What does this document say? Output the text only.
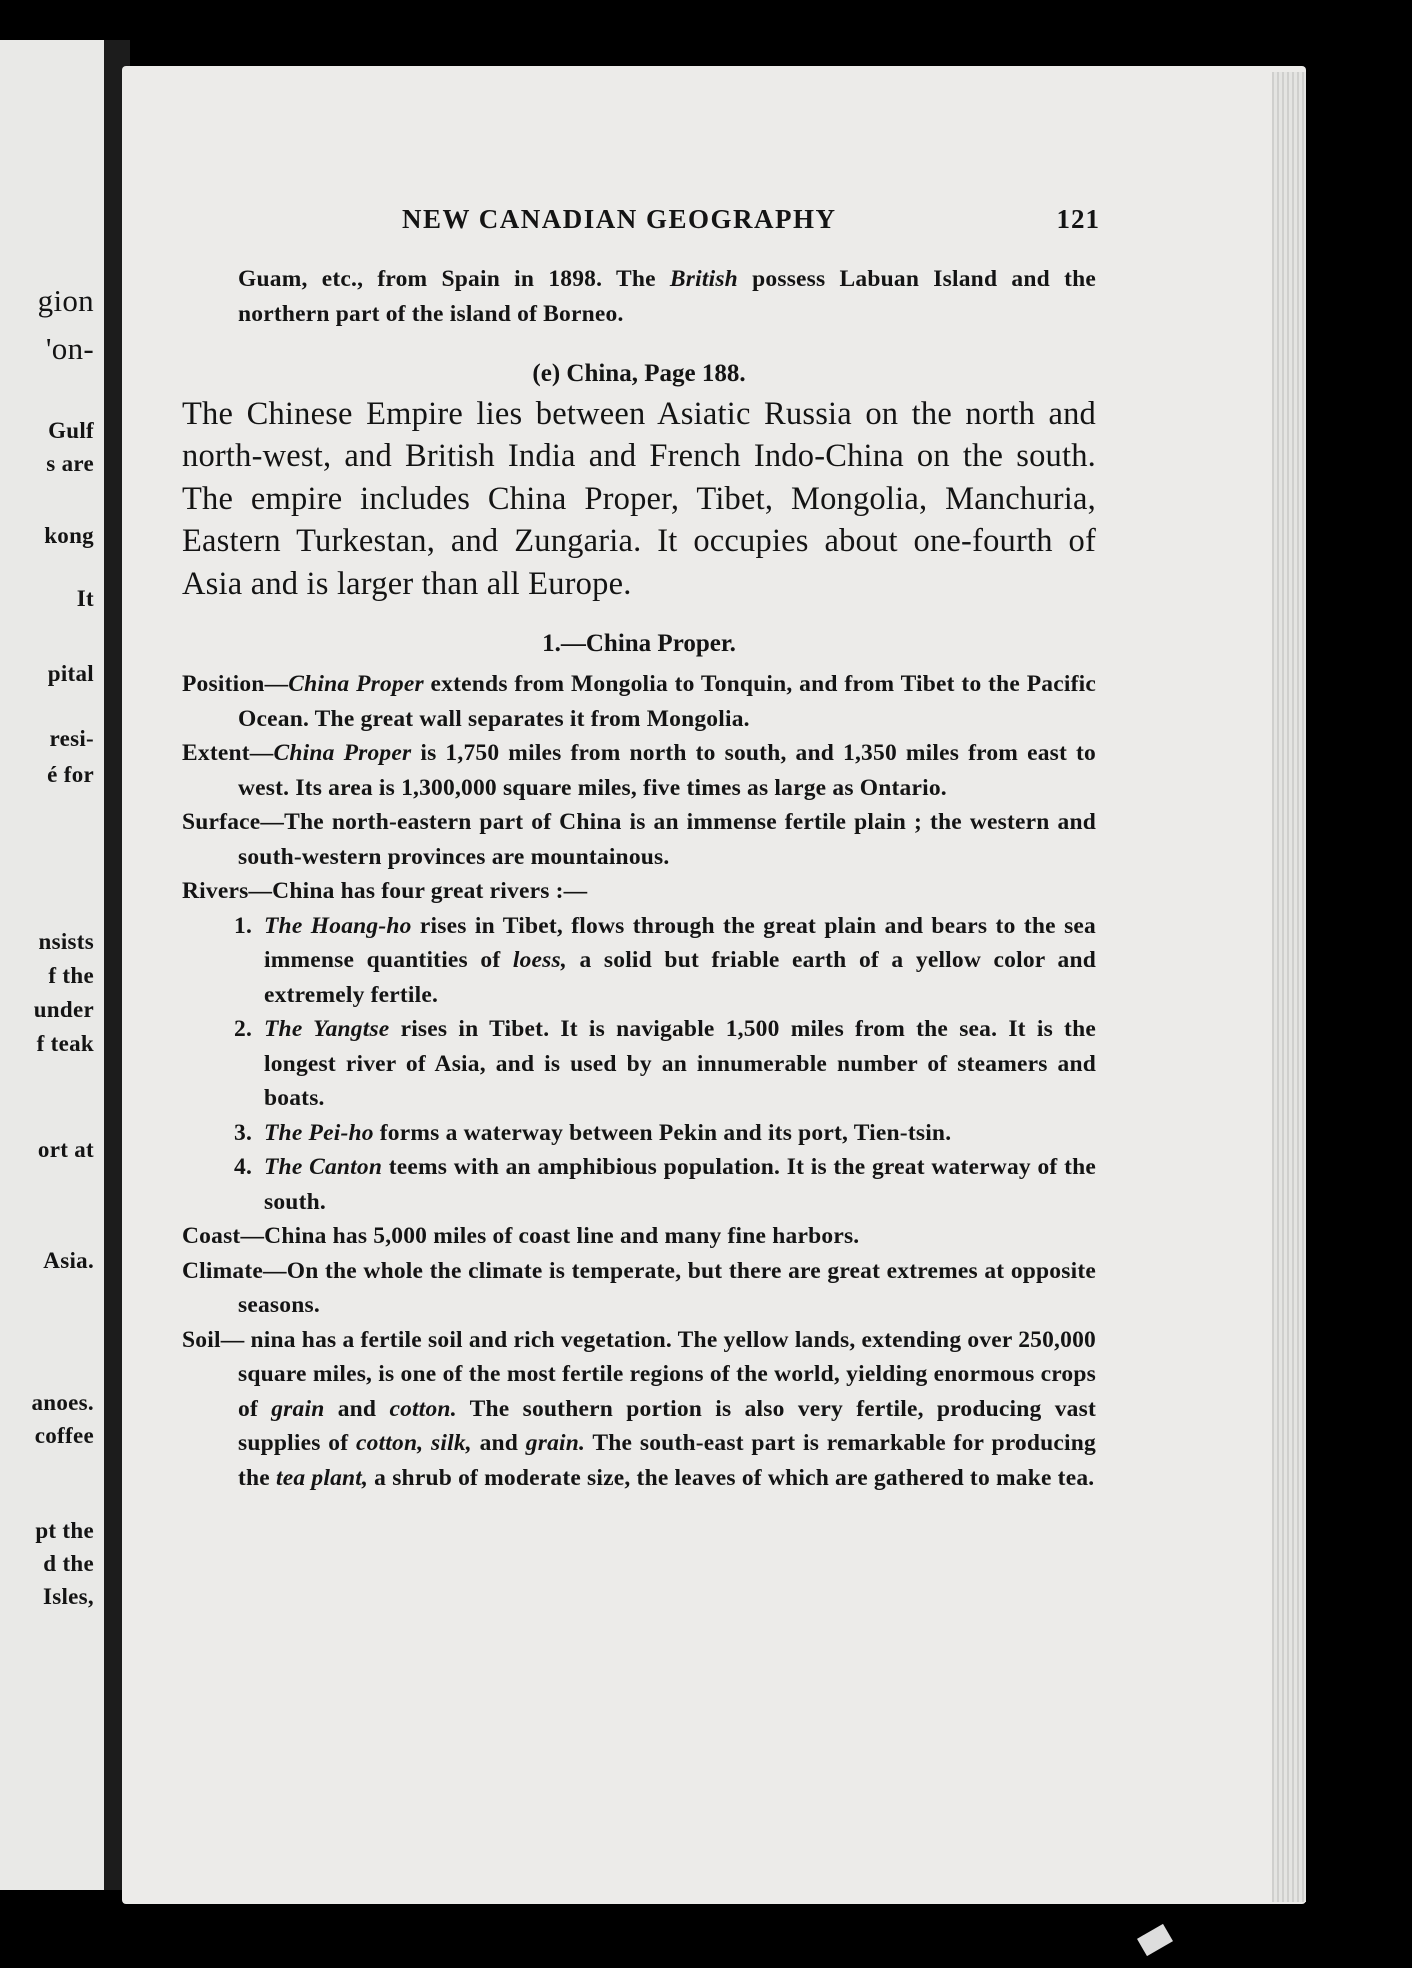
gion
'on-
Gulf
s are
kong
It
pital
resi-
é for
nsists
f the
under
f teak
ort at
Asia.
anoes.
coffee
pt the
d the
Isles,
NEW CANADIAN GEOGRAPHY	121

Guam, etc., from Spain in 1898. The British possess Labuan Island and the northern part of the island of Borneo.

(e) China, Page 188.

The Chinese Empire lies between Asiatic Russia on the north and north-west, and British India and French Indo-China on the south. The empire includes China Proper, Tibet, Mongolia, Manchuria, Eastern Turkestan, and Zungaria. It occupies about one-fourth of Asia and is larger than all Europe.

1.—China Proper.

Position—China Proper extends from Mongolia to Tonquin, and from Tibet to the Pacific Ocean. The great wall separates it from Mongolia.

Extent—China Proper is 1,750 miles from north to south, and 1,350 miles from east to west. Its area is 1,300,000 square miles, five times as large as Ontario.

Surface—The north-eastern part of China is an immense fertile plain ; the western and south-western provinces are mountainous.

Rivers—China has four great rivers :—

1. The Hoang-ho rises in Tibet, flows through the great plain and bears to the sea immense quantities of loess, a solid but friable earth of a yellow color and extremely fertile.

2. The Yangtse rises in Tibet. It is navigable 1,500 miles from the sea. It is the longest river of Asia, and is used by an innumerable number of steamers and boats.

3. The Pei-ho forms a waterway between Pekin and its port, Tien-tsin.

4. The Canton teems with an amphibious population. It is the great waterway of the south.

Coast—China has 5,000 miles of coast line and many fine harbors.

Climate—On the whole the climate is temperate, but there are great extremes at opposite seasons.

Soil— nina has a fertile soil and rich vegetation. The yellow lands, extending over 250,000 square miles, is one of the most fertile regions of the world, yielding enormous crops of grain and cotton. The southern portion is also very fertile, producing vast supplies of cotton, silk, and grain. The south-east part is remarkable for producing the tea plant, a shrub of moderate size, the leaves of which are gathered to make tea.
